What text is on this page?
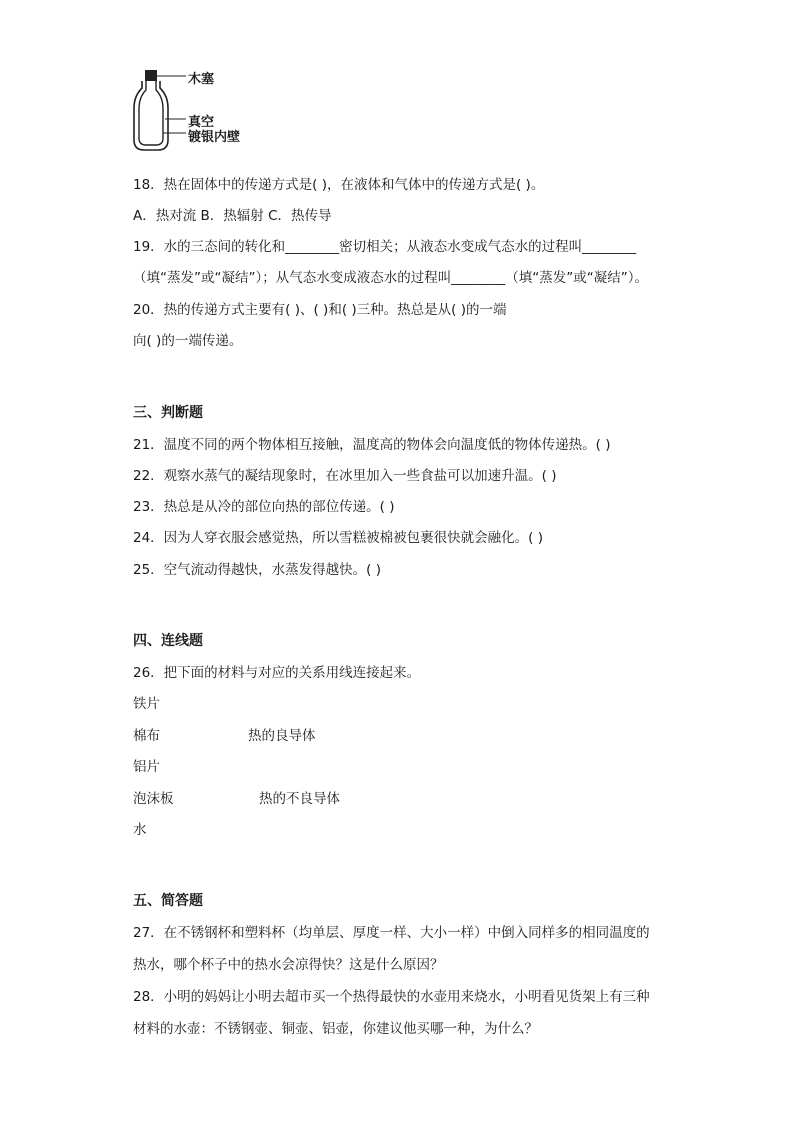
木塞
真空
镀银内壁
18．热在固体中的传递方式是( )，在液体和气体中的传递方式是( )。
A．热对流 B．热辐射 C．热传导
19．水的三态间的转化和________密切相关；从液态水变成气态水的过程叫________
（填“蒸发”或“凝结”）；从气态水变成液态水的过程叫________（填“蒸发”或“凝结”）。
20．热的传递方式主要有( )、( )和( )三种。热总是从( )的一端
向( )的一端传递。
三、判断题
21．温度不同的两个物体相互接触，温度高的物体会向温度低的物体传递热。( )
22．观察水蒸气的凝结现象时，在冰里加入一些食盐可以加速升温。( )
23．热总是从冷的部位向热的部位传递。( )
24．因为人穿衣服会感觉热，所以雪糕被棉被包裹很快就会融化。( )
25．空气流动得越快，水蒸发得越快。( )
四、连线题
26．把下面的材料与对应的关系用线连接起来。
铁片
棉布	热的良导体
铝片
泡沫板	热的不良导体
水
五、简答题
27．在不锈钢杯和塑料杯（均单层、厚度一样、大小一样）中倒入同样多的相同温度的
热水，哪个杯子中的热水会凉得快？这是什么原因？
28．小明的妈妈让小明去超市买一个热得最快的水壶用来烧水，小明看见货架上有三种
材料的水壶：不锈钢壶、铜壶、铝壶，你建议他买哪一种，为什么？
